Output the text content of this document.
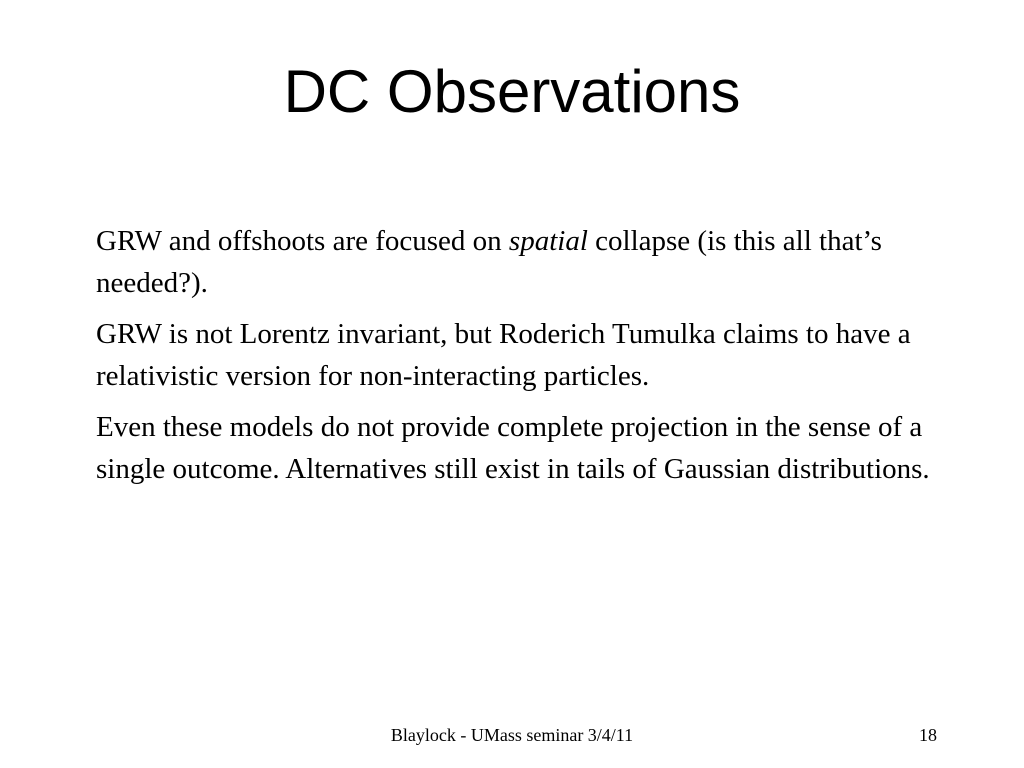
DC Observations

GRW and offshoots are focused on spatial collapse (is this all that’s needed?).

GRW is not Lorentz invariant, but Roderich Tumulka claims to have a relativistic version for non-interacting particles.

Even these models do not provide complete projection in the sense of a single outcome. Alternatives still exist in tails of Gaussian distributions.

Blaylock - UMass seminar 3/4/11	18
